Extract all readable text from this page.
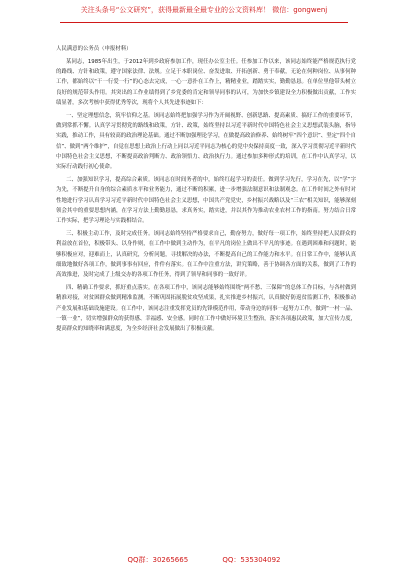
关注头条号“公文研究”，获得最新最全最专业的公文资料库！ 微信：gongwenj
人民满意的公务员（申报材料）

某同志，1985年出生，于2012年到乡政府参加工作，现任办公室主任。任参加工作以来，该同志始终能严格规范执行党的路线、方针和政策，遵守国家法律、法规。立足于本职岗位、奋发进取、开拓创新、勇于奉献，无论在何种岗位、从事何种工作，都始终以“干一行爱一行”的心态去完成，一心一意扑在工作上，精精业业，踏踏实实，勤勤恳恳。在单位里他带头树立良好的规范带头作用。其突出的工作业绩得到了乡党委的肯定和领导同事的认可，为加快乡镇建设全力积极做出贡献，工作实绩显著，多次考核中获得优秀等次，现将个人其先进事迹如下：

一、坚定理想信念，筑牢信仰之基。该同志始终把加强学习作为开阔视野、创新思路、提高素质、搞好工作的重要环节，做到常抓不懈。认真学习贯彻党的路线和政策，方针、政策，始终坚持以习近平新时代中国特色社会主义思想武装头脑，指导实践，推动工作，具有较高的政治理论基础。通过不断加强理论学习，在做提高政治修养、始终树牢“四个意识”、坚定“四个自信”、做到“两个维护”，自觉在思想上政治上行动上同以习近平同志为核心的党中央保持高度一致，深入学习贯彻习近平新时代中国特色社会主义思想，不断提高政治判断力、政治领悟力、政治执行力。通过参加多种形式的培训，在工作中认真学习，以实际行动践行初心使命。

二、加强知识学习，提高综合素质。该同志在时间务者的中，始终红起学习的责任。做到学习先行，学习在先，以“学”字为先，不断提升自身的综合素质水平和业务能力，通过不断的积累，进一步增强法制意识和法制观念。在工作时间之外有时对性地进行学习认真学习习近平新时代中国特色社会主义思想，中国共产党党史，乡村振兴战略以及“三农”相关知识，能够深刻领会其中的重要思想内涵，在学习方法上勤勤恳恳，求真务实，踏实进，并以其作为推动农业农村工作的指南。努力结合日常工作实际，把学习理论与实践相结合。

三、积极主动工作，及时完成任务。该同志始终坚持严格要求自己，勤奋努力，做好每一项工作，始终坚持把人民群众的利益放在首位，积极带头、以身作则，在工作中做到主动作为，在平凡的岗位上做出不平凡的事迹。在遇到困难和问题时，能够积极应对，迎难而上，认真研究，分析问题，寻找解决的办法，不断提高自己的工作能力和水平。在日常工作中，能够认真细致地做好各项工作，做到事事有回应，件件有落实。在工作中注重方法，讲究策略，善于协调各方面的关系，做到了工作的高效推进，及时完成了上级交办的各项工作任务，得到了领导和同事的一致好评。

四、精确工作要求，抓好重点落实。在各项工作中，该同志能够始终围绕“两不愁、三保障”的总体工作目标，与各村做到精准对接，对贫困群众做到精准监测。不断巩固拓展脱贫攻坚成果，扎实推进乡村振兴，认真做好防返贫监测工作，积极推动产业发展和基础设施建设。在工作中，该同志注重发挥党员的先锋模范作用，带动身边的同事一起努力工作，做到“一村一品、一镇一业”，切实增强群众的获得感、幸福感、安全感。同时在工作中做好环境卫生整治，落实各项惠民政策，加大宣传力度，提高群众的知晓率和满意度，为全乡经济社会发展做出了积极贡献。

QQ群：30265665	QQ：535304092
